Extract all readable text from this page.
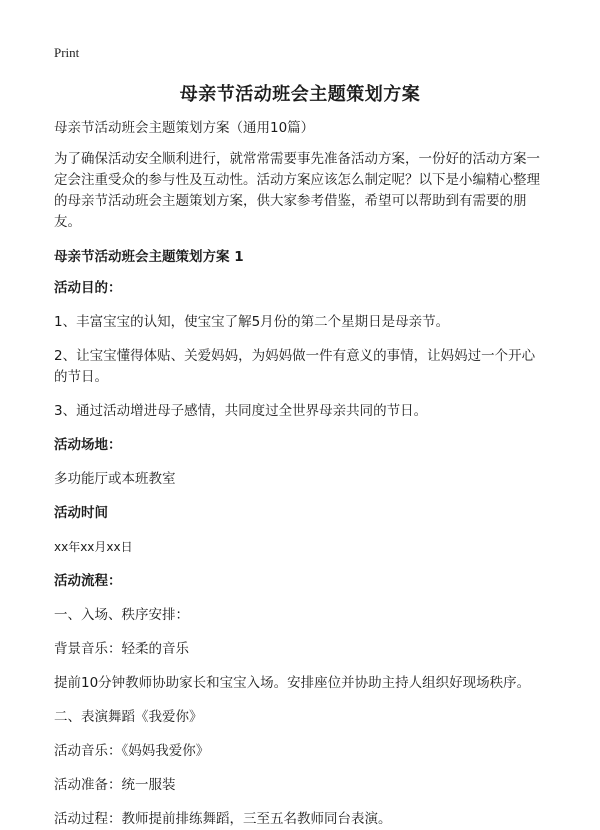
Print
母亲节活动班会主题策划方案

母亲节活动班会主题策划方案（通用10篇）

为了确保活动安全顺利进行，就常常需要事先准备活动方案，一份好的活动方案一定会注重受众的参与性及互动性。活动方案应该怎么制定呢？以下是小编精心整理的母亲节活动班会主题策划方案，供大家参考借鉴，希望可以帮助到有需要的朋友。

母亲节活动班会主题策划方案 1

活动目的：

1、丰富宝宝的认知，使宝宝了解5月份的第二个星期日是母亲节。

2、让宝宝懂得体贴、关爱妈妈，为妈妈做一件有意义的事情，让妈妈过一个开心的节日。

3、通过活动增进母子感情，共同度过全世界母亲共同的节日。

活动场地：

多功能厅或本班教室

活动时间

xx年xx月xx日

活动流程：

一、入场、秩序安排：

背景音乐：轻柔的音乐

提前10分钟教师协助家长和宝宝入场。安排座位并协助主持人组织好现场秩序。

二、表演舞蹈《我爱你》

活动音乐：《妈妈我爱你》

活动准备：统一服装

活动过程：教师提前排练舞蹈，三至五名教师同台表演。
